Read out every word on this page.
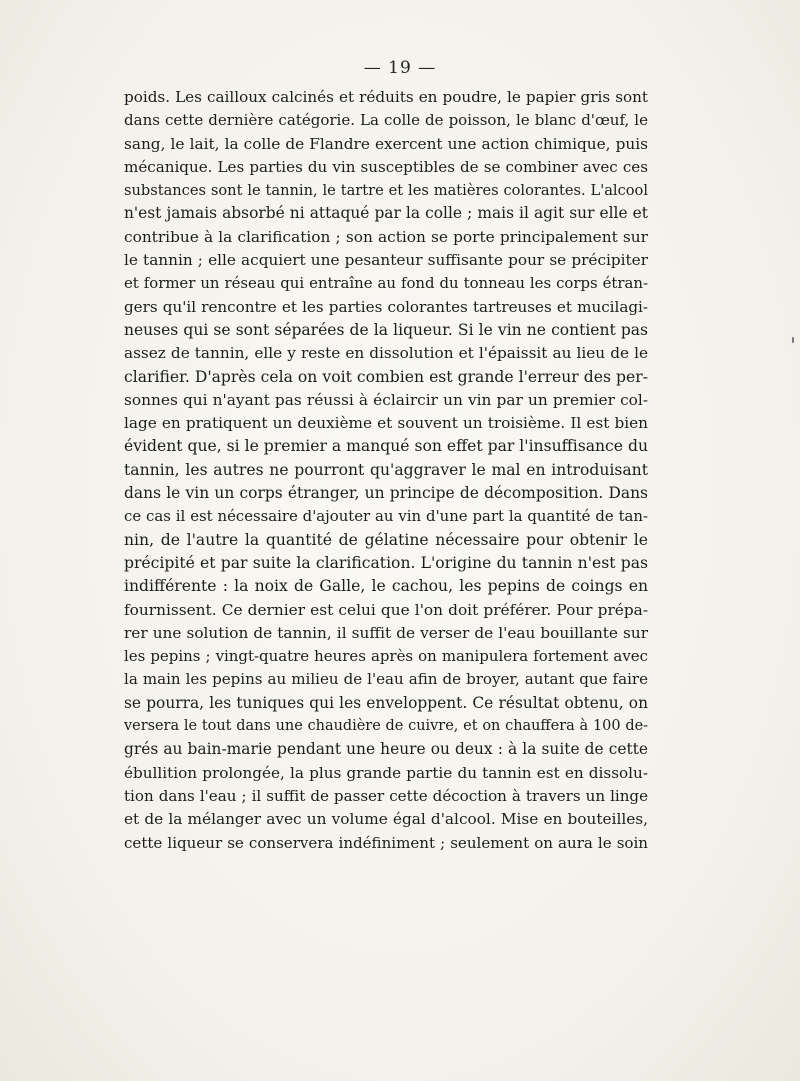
— 19 —
poids. Les cailloux calcinés et réduits en poudre, le papier gris sont
dans cette dernière catégorie. La colle de poisson, le blanc d'œuf, le
sang, le lait, la colle de Flandre exercent une action chimique, puis
mécanique. Les parties du vin susceptibles de se combiner avec ces
substances sont le tannin, le tartre et les matières colorantes. L'alcool
n'est jamais absorbé ni attaqué par la colle ; mais il agit sur elle et
contribue à la clarification ; son action se porte principalement sur
le tannin ; elle acquiert une pesanteur suffisante pour se précipiter
et former un réseau qui entraîne au fond du tonneau les corps étran-
gers qu'il rencontre et les parties colorantes tartreuses et mucilagi-
neuses qui se sont séparées de la liqueur. Si le vin ne contient pas
assez de tannin, elle y reste en dissolution et l'épaissit au lieu de le
clarifier. D'après cela on voit combien est grande l'erreur des per-
sonnes qui n'ayant pas réussi à éclaircir un vin par un premier col-
lage en pratiquent un deuxième et souvent un troisième. Il est bien
évident que, si le premier a manqué son effet par l'insuffisance du
tannin, les autres ne pourront qu'aggraver le mal en introduisant
dans le vin un corps étranger, un principe de décomposition. Dans
ce cas il est nécessaire d'ajouter au vin d'une part la quantité de tan-
nin, de l'autre la quantité de gélatine nécessaire pour obtenir le
précipité et par suite la clarification. L'origine du tannin n'est pas
indifférente : la noix de Galle, le cachou, les pepins de coings en
fournissent. Ce dernier est celui que l'on doit préférer. Pour prépa-
rer une solution de tannin, il suffit de verser de l'eau bouillante sur
les pepins ; vingt-quatre heures après on manipulera fortement avec
la main les pepins au milieu de l'eau afin de broyer, autant que faire
se pourra, les tuniques qui les enveloppent. Ce résultat obtenu, on
versera le tout dans une chaudière de cuivre, et on chauffera à 100 de-
grés au bain-marie pendant une heure ou deux : à la suite de cette
ébullition prolongée, la plus grande partie du tannin est en dissolu-
tion dans l'eau ; il suffit de passer cette décoction à travers un linge
et de la mélanger avec un volume égal d'alcool. Mise en bouteilles,
cette liqueur se conservera indéfiniment ; seulement on aura le soin
